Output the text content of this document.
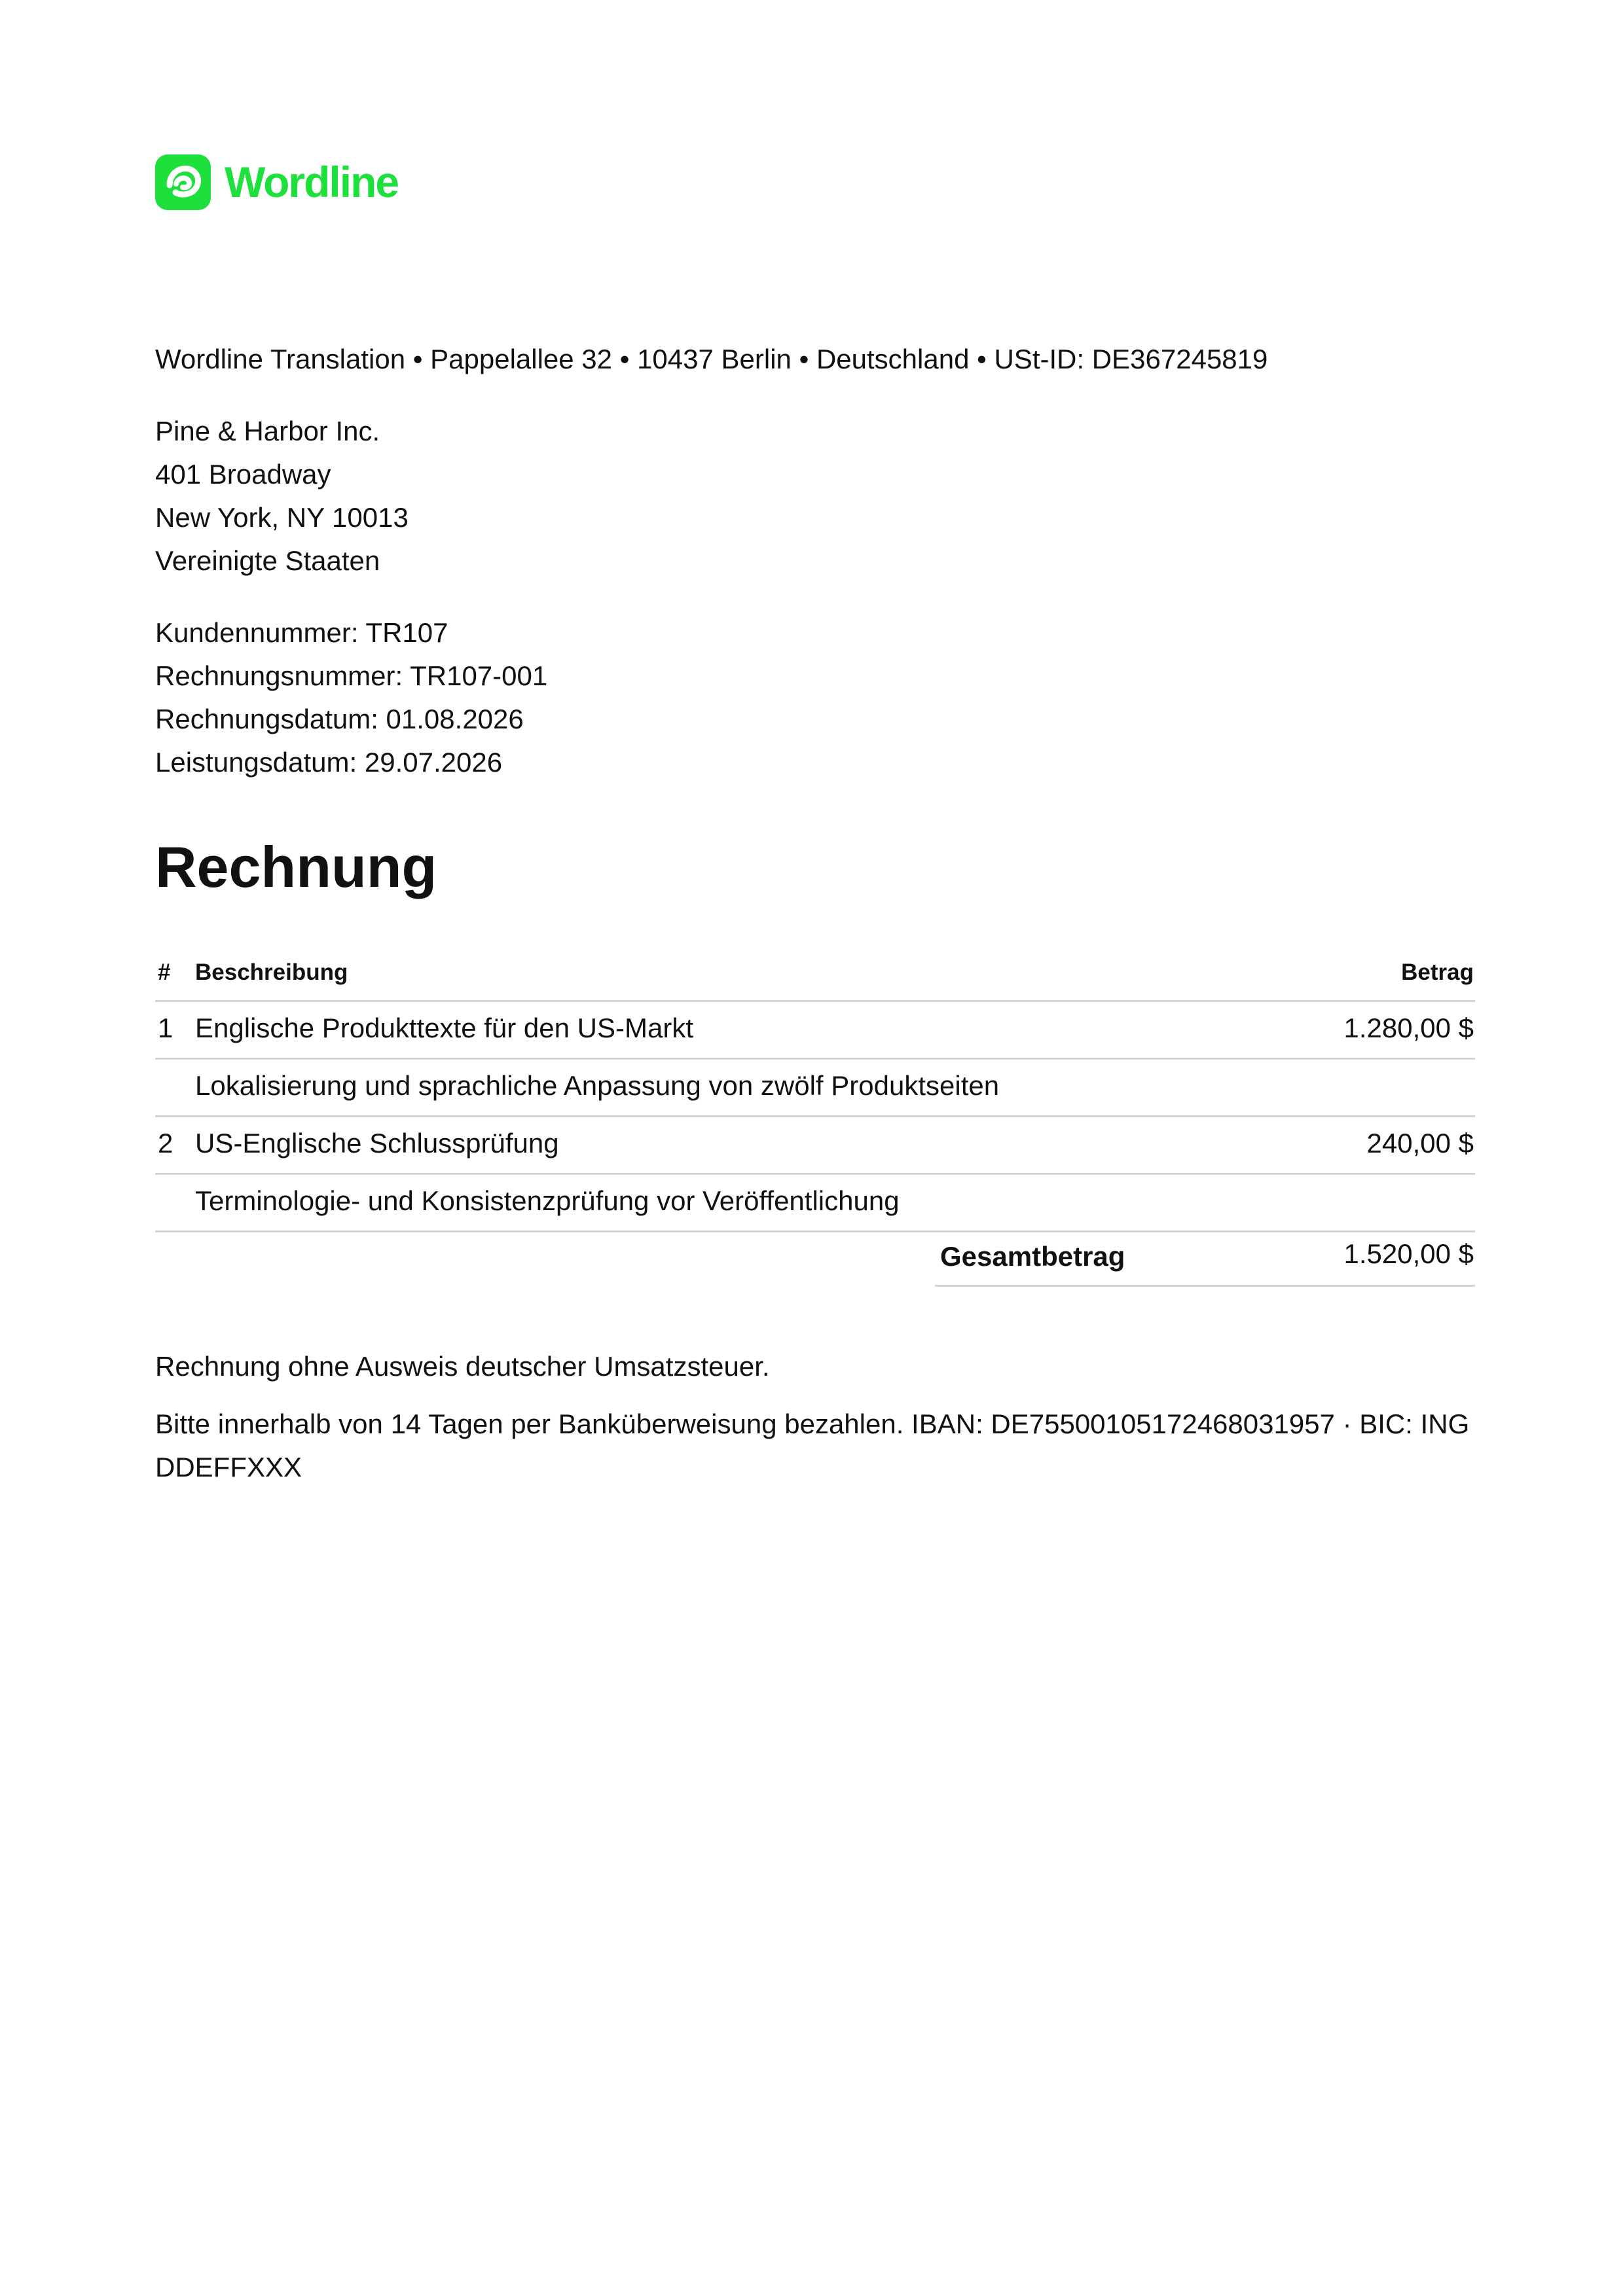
Wordline
Wordline Translation • Pappelallee 32 • 10437 Berlin • Deutschland • USt-ID: DE367245819
Pine & Harbor Inc.
401 Broadway
New York, NY 10013
Vereinigte Staaten
Kundennummer: TR107
Rechnungsnummer: TR107-001
Rechnungsdatum: 01.08.2026
Leistungsdatum: 29.07.2026
Rechnung
# Beschreibung	Betrag
1 Englische Produkttexte für den US-Markt	1.280,00 $
Lokalisierung und sprachliche Anpassung von zwölf Produktseiten
2 US-Englische Schlussprüfung	240,00 $
Terminologie- und Konsistenzprüfung vor Veröffentlichung
Gesamtbetrag	1.520,00 $
Rechnung ohne Ausweis deutscher Umsatzsteuer.
Bitte innerhalb von 14 Tagen per Banküberweisung bezahlen. IBAN: DE75500105172468031957 · BIC: INGDDEFFXXX
